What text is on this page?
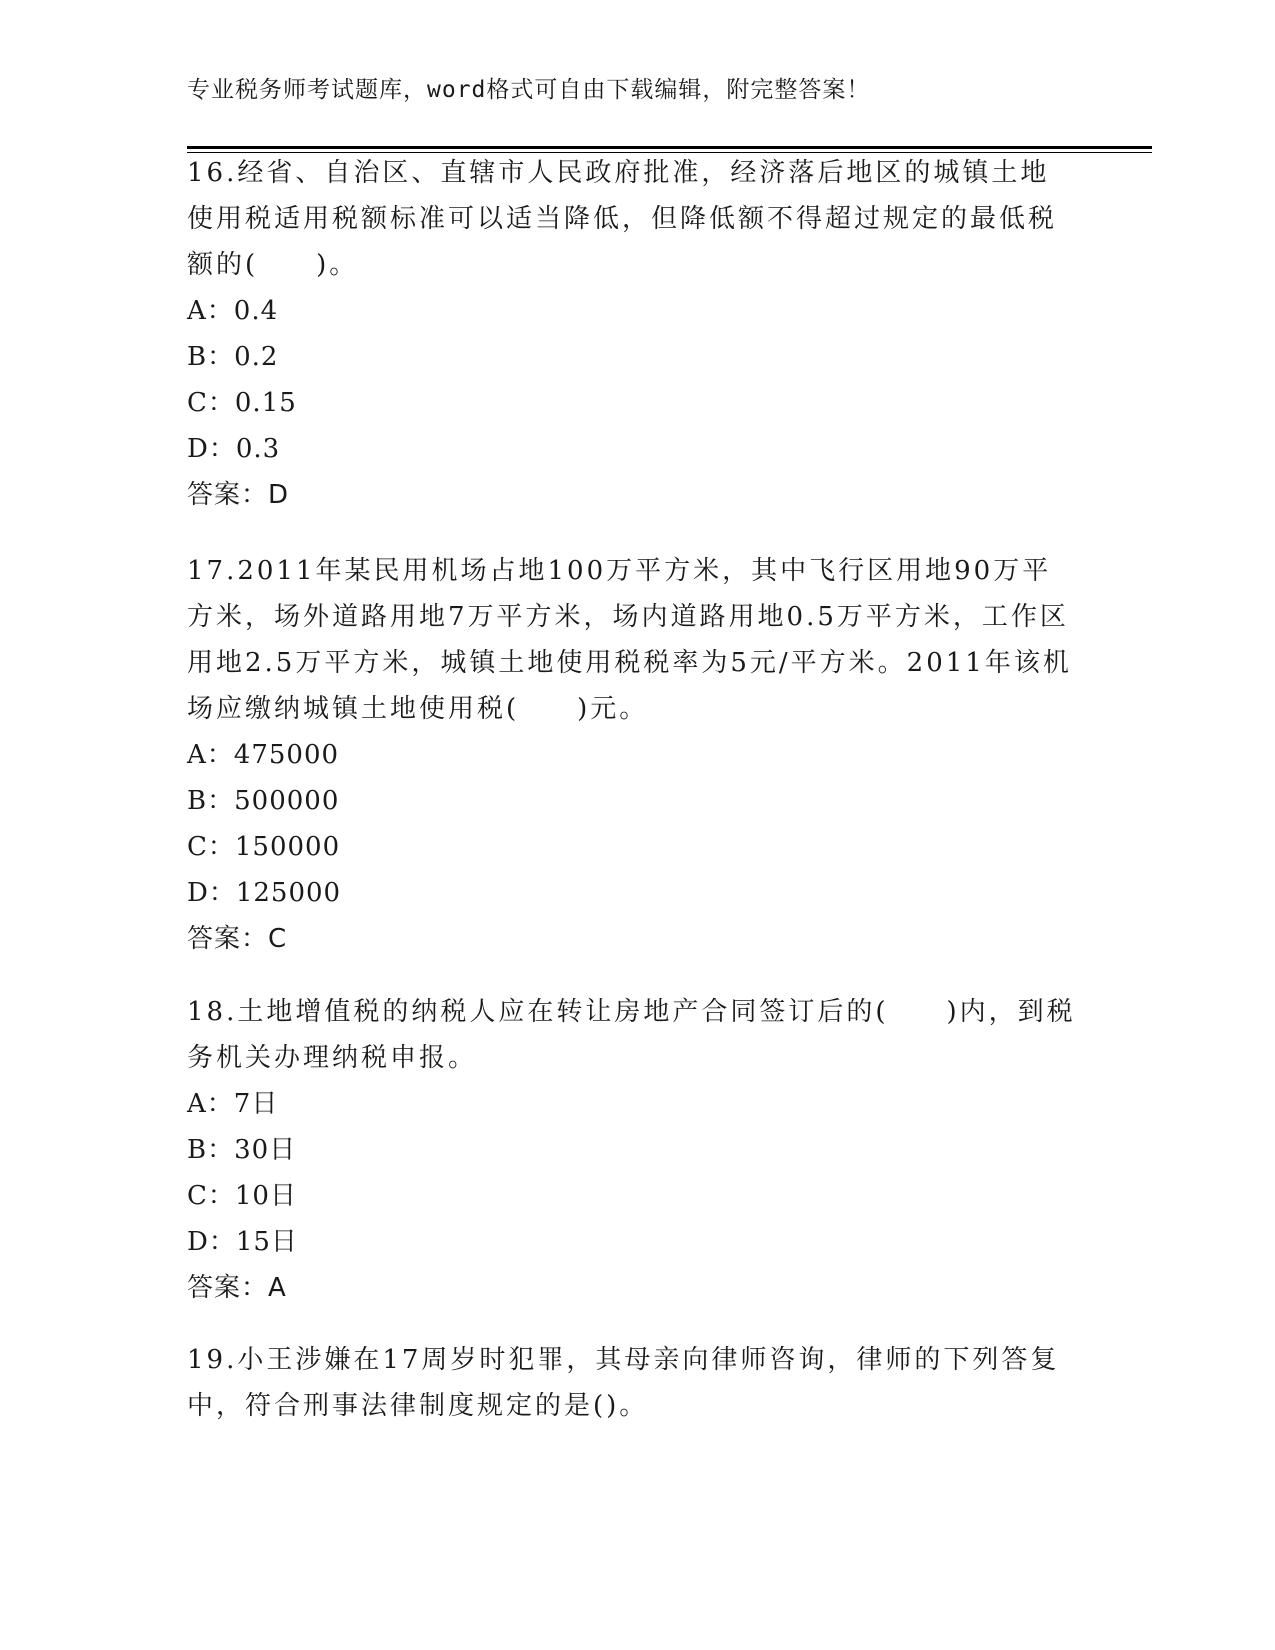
专业税务师考试题库，word格式可自由下载编辑，附完整答案！

16.经省、自治区、直辖市人民政府批准，经济落后地区的城镇土地使用税适用税额标准可以适当降低，但降低额不得超过规定的最低税额的(　　)。

A：0.4

B：0.2

C：0.15

D：0.3

答案：D

17.2011年某民用机场占地100万平方米，其中飞行区用地90万平方米，场外道路用地7万平方米，场内道路用地0.5万平方米，工作区用地2.5万平方米，城镇土地使用税税率为5元/平方米。2011年该机场应缴纳城镇土地使用税(　　)元。

A：475000

B：500000

C：150000

D：125000

答案：C

18.土地增值税的纳税人应在转让房地产合同签订后的(　　)内，到税务机关办理纳税申报。

A：7日

B：30日

C：10日

D：15日

答案：A

19.小王涉嫌在17周岁时犯罪，其母亲向律师咨询，律师的下列答复中，符合刑事法律制度规定的是()。
